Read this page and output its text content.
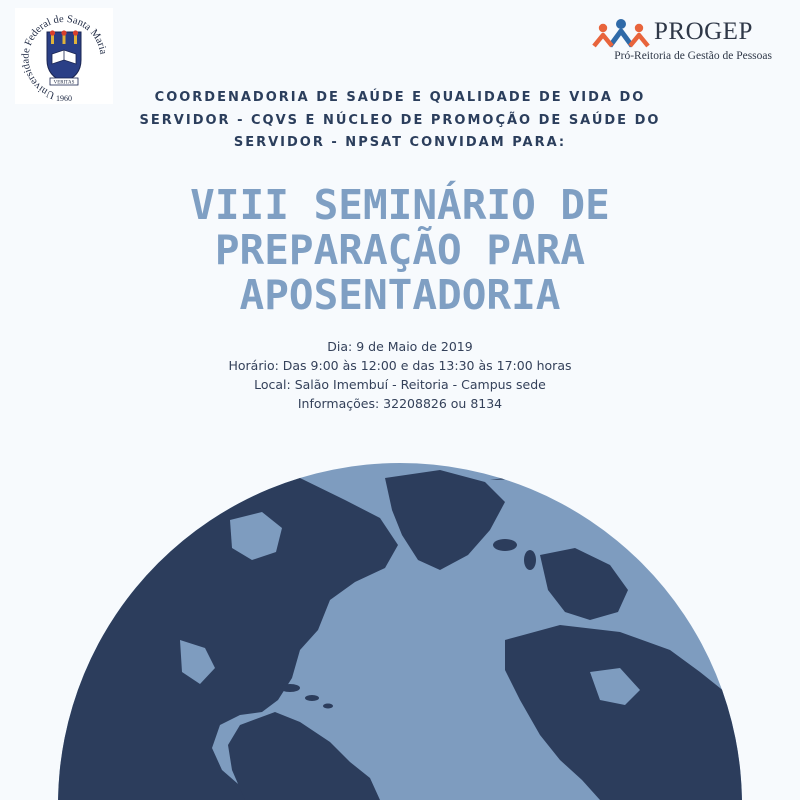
Universidade Federal de Santa Maria
VERITAS
1960
PROGEP
Pró-Reitoria de Gestão de Pessoas
COORDENADORIA DE SAÚDE E QUALIDADE DE VIDA DO
SERVIDOR - CQVS E NÚCLEO DE PROMOÇÃO DE SAÚDE DO
SERVIDOR - NPSAT CONVIDAM PARA:
VIII SEMINÁRIO DE
PREPARAÇÃO PARA
APOSENTADORIA
Dia: 9 de Maio de 2019
Horário: Das 9:00 às 12:00 e das 13:30 às 17:00 horas
Local: Salão Imembuí - Reitoria - Campus sede
Informações: 32208826 ou 8134
